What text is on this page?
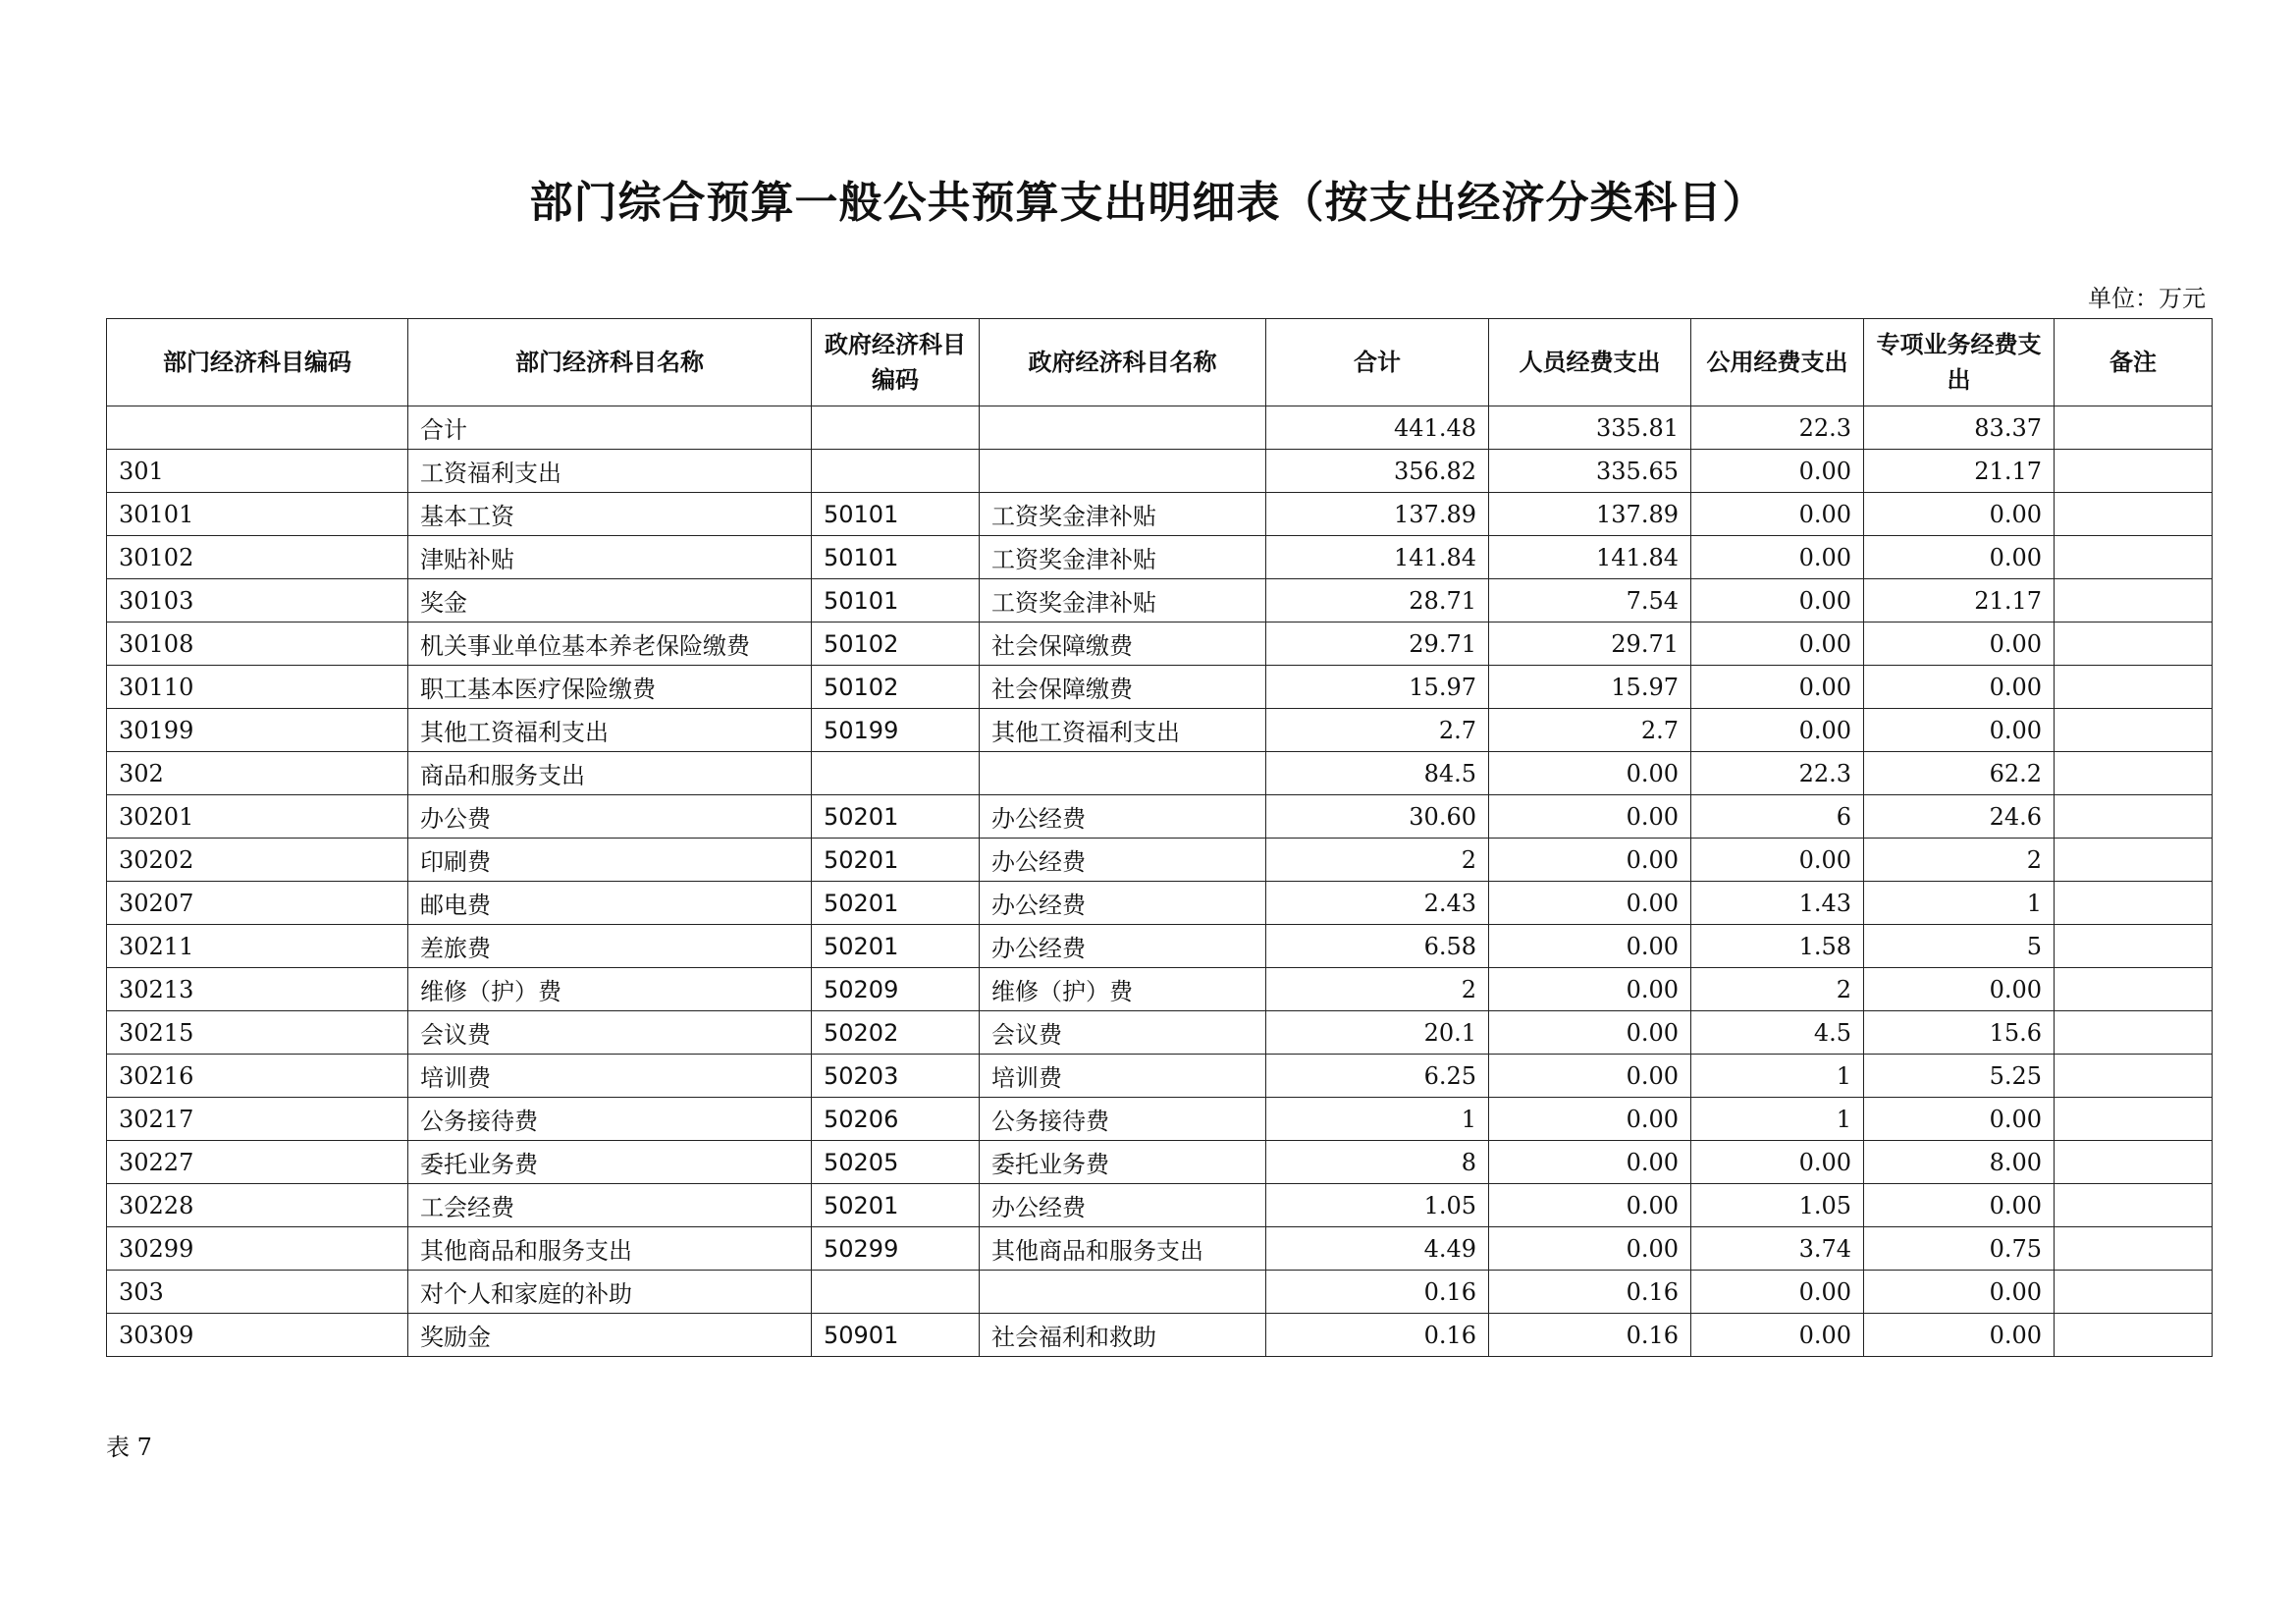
部门综合预算一般公共预算支出明细表（按支出经济分类科目）
单位：万元
部门经济科目编码	部门经济科目名称	政府经济科目编码	政府经济科目名称	合计	人员经费支出	公用经费支出	专项业务经费支出	备注
	合计			441.48	335.81	22.3	83.37	
301	工资福利支出			356.82	335.65	0.00	21.17	
30101	基本工资	50101	工资奖金津补贴	137.89	137.89	0.00	0.00	
30102	津贴补贴	50101	工资奖金津补贴	141.84	141.84	0.00	0.00	
30103	奖金	50101	工资奖金津补贴	28.71	7.54	0.00	21.17	
30108	机关事业单位基本养老保险缴费	50102	社会保障缴费	29.71	29.71	0.00	0.00	
30110	职工基本医疗保险缴费	50102	社会保障缴费	15.97	15.97	0.00	0.00	
30199	其他工资福利支出	50199	其他工资福利支出	2.7	2.7	0.00	0.00	
302	商品和服务支出			84.5	0.00	22.3	62.2	
30201	办公费	50201	办公经费	30.60	0.00	6	24.6	
30202	印刷费	50201	办公经费	2	0.00	0.00	2	
30207	邮电费	50201	办公经费	2.43	0.00	1.43	1	
30211	差旅费	50201	办公经费	6.58	0.00	1.58	5	
30213	维修（护）费	50209	维修（护）费	2	0.00	2	0.00	
30215	会议费	50202	会议费	20.1	0.00	4.5	15.6	
30216	培训费	50203	培训费	6.25	0.00	1	5.25	
30217	公务接待费	50206	公务接待费	1	0.00	1	0.00	
30227	委托业务费	50205	委托业务费	8	0.00	0.00	8.00	
30228	工会经费	50201	办公经费	1.05	0.00	1.05	0.00	
30299	其他商品和服务支出	50299	其他商品和服务支出	4.49	0.00	3.74	0.75	
303	对个人和家庭的补助			0.16	0.16	0.00	0.00	
30309	奖励金	50901	社会福利和救助	0.16	0.16	0.00	0.00	
表 7
